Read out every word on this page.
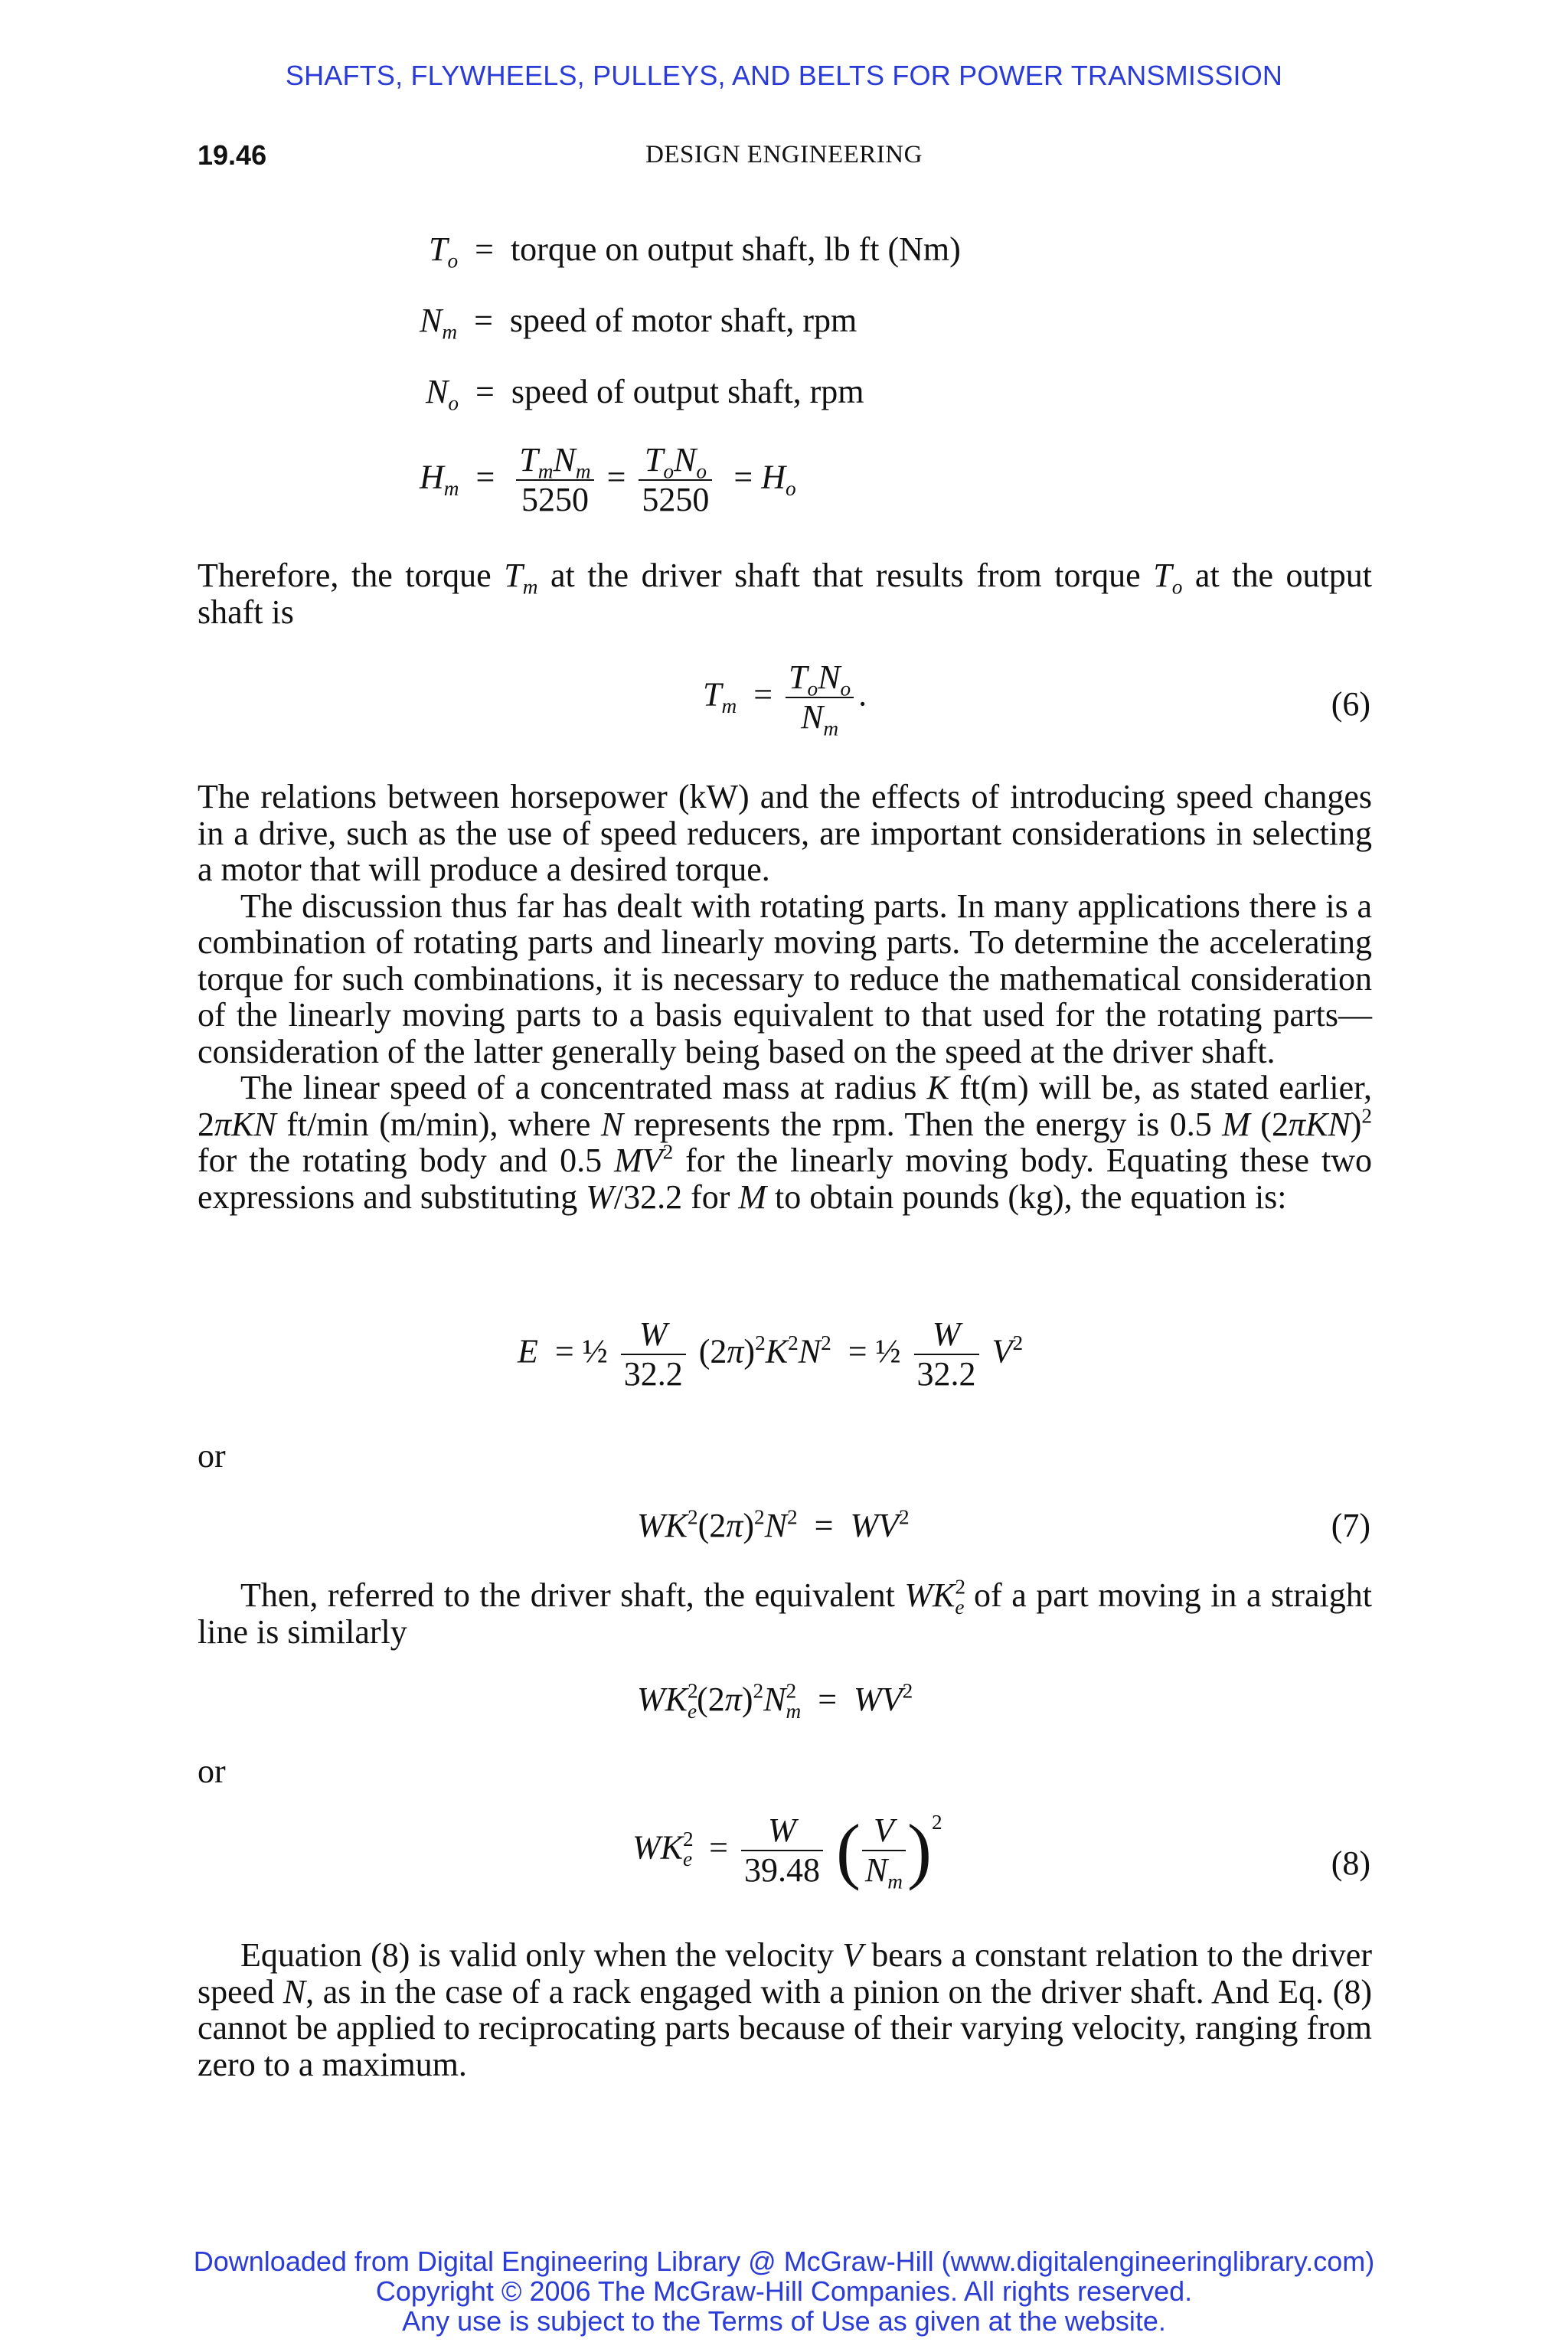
SHAFTS, FLYWHEELS, PULLEYS, AND BELTS FOR POWER TRANSMISSION
19.46	DESIGN ENGINEERING
$T_o$  =  torque on output shaft, lb ft (Nm)
$N_m$  =  speed of motor shaft, rpm
$N_o$  =  speed of output shaft, rpm
$H_m = \frac{T_mN_m}{5250} = \frac{T_oN_o}{5250} = H_o$

Therefore, the torque $T_m$ at the driver shaft that results from torque $T_o$ at the output shaft is

$T_m = \frac{T_oN_o}{N_m}$ .	(6)

The relations between horsepower (kW) and the effects of introducing speed changes in a drive, such as the use of speed reducers, are important considerations in selecting a motor that will produce a desired torque.

The discussion thus far has dealt with rotating parts. In many applications there is a combination of rotating parts and linearly moving parts. To determine the accelerating torque for such combinations, it is necessary to reduce the mathematical consideration of the linearly moving parts to a basis equivalent to that used for the rotating parts—consideration of the latter generally being based on the speed at the driver shaft.

The linear speed of a concentrated mass at radius K ft(m) will be, as stated earlier, 2πKN ft/min (m/min), where N represents the rpm. Then the energy is 0.5 M $(2\pi KN)^2$ for the rotating body and 0.5 $MV^2$ for the linearly moving body. Equating these two expressions and substituting W/32.2 for M to obtain pounds (kg), the equation is:

E  = ½ $\frac{W}{32.2} (2\pi)^2K^2N^2$  = ½ $\frac{W}{32.2} V^2$
or
$WK^2(2\pi)^2N^2 = WV^2$	(7)

Then, referred to the driver shaft, the equivalent $WK^2_e$ of a part moving in a straight line is similarly

$WK^2_e(2\pi)^2N^2_m = WV^2$
or
$WK^2_e = \frac{W}{39.48}$ ( $\frac{V}{N_m} )^2$
(8)

Equation (8) is valid only when the velocity V bears a constant relation to the driver speed N, as in the case of a rack engaged with a pinion on the driver shaft. And Eq. (8) cannot be applied to reciprocating parts because of their varying velocity, ranging from zero to a maximum.

Downloaded from Digital Engineering Library @ McGraw-Hill (www.digitalengineeringlibrary.com)
Copyright © 2006 The McGraw-Hill Companies. All rights reserved.
Any use is subject to the Terms of Use as given at the website.
